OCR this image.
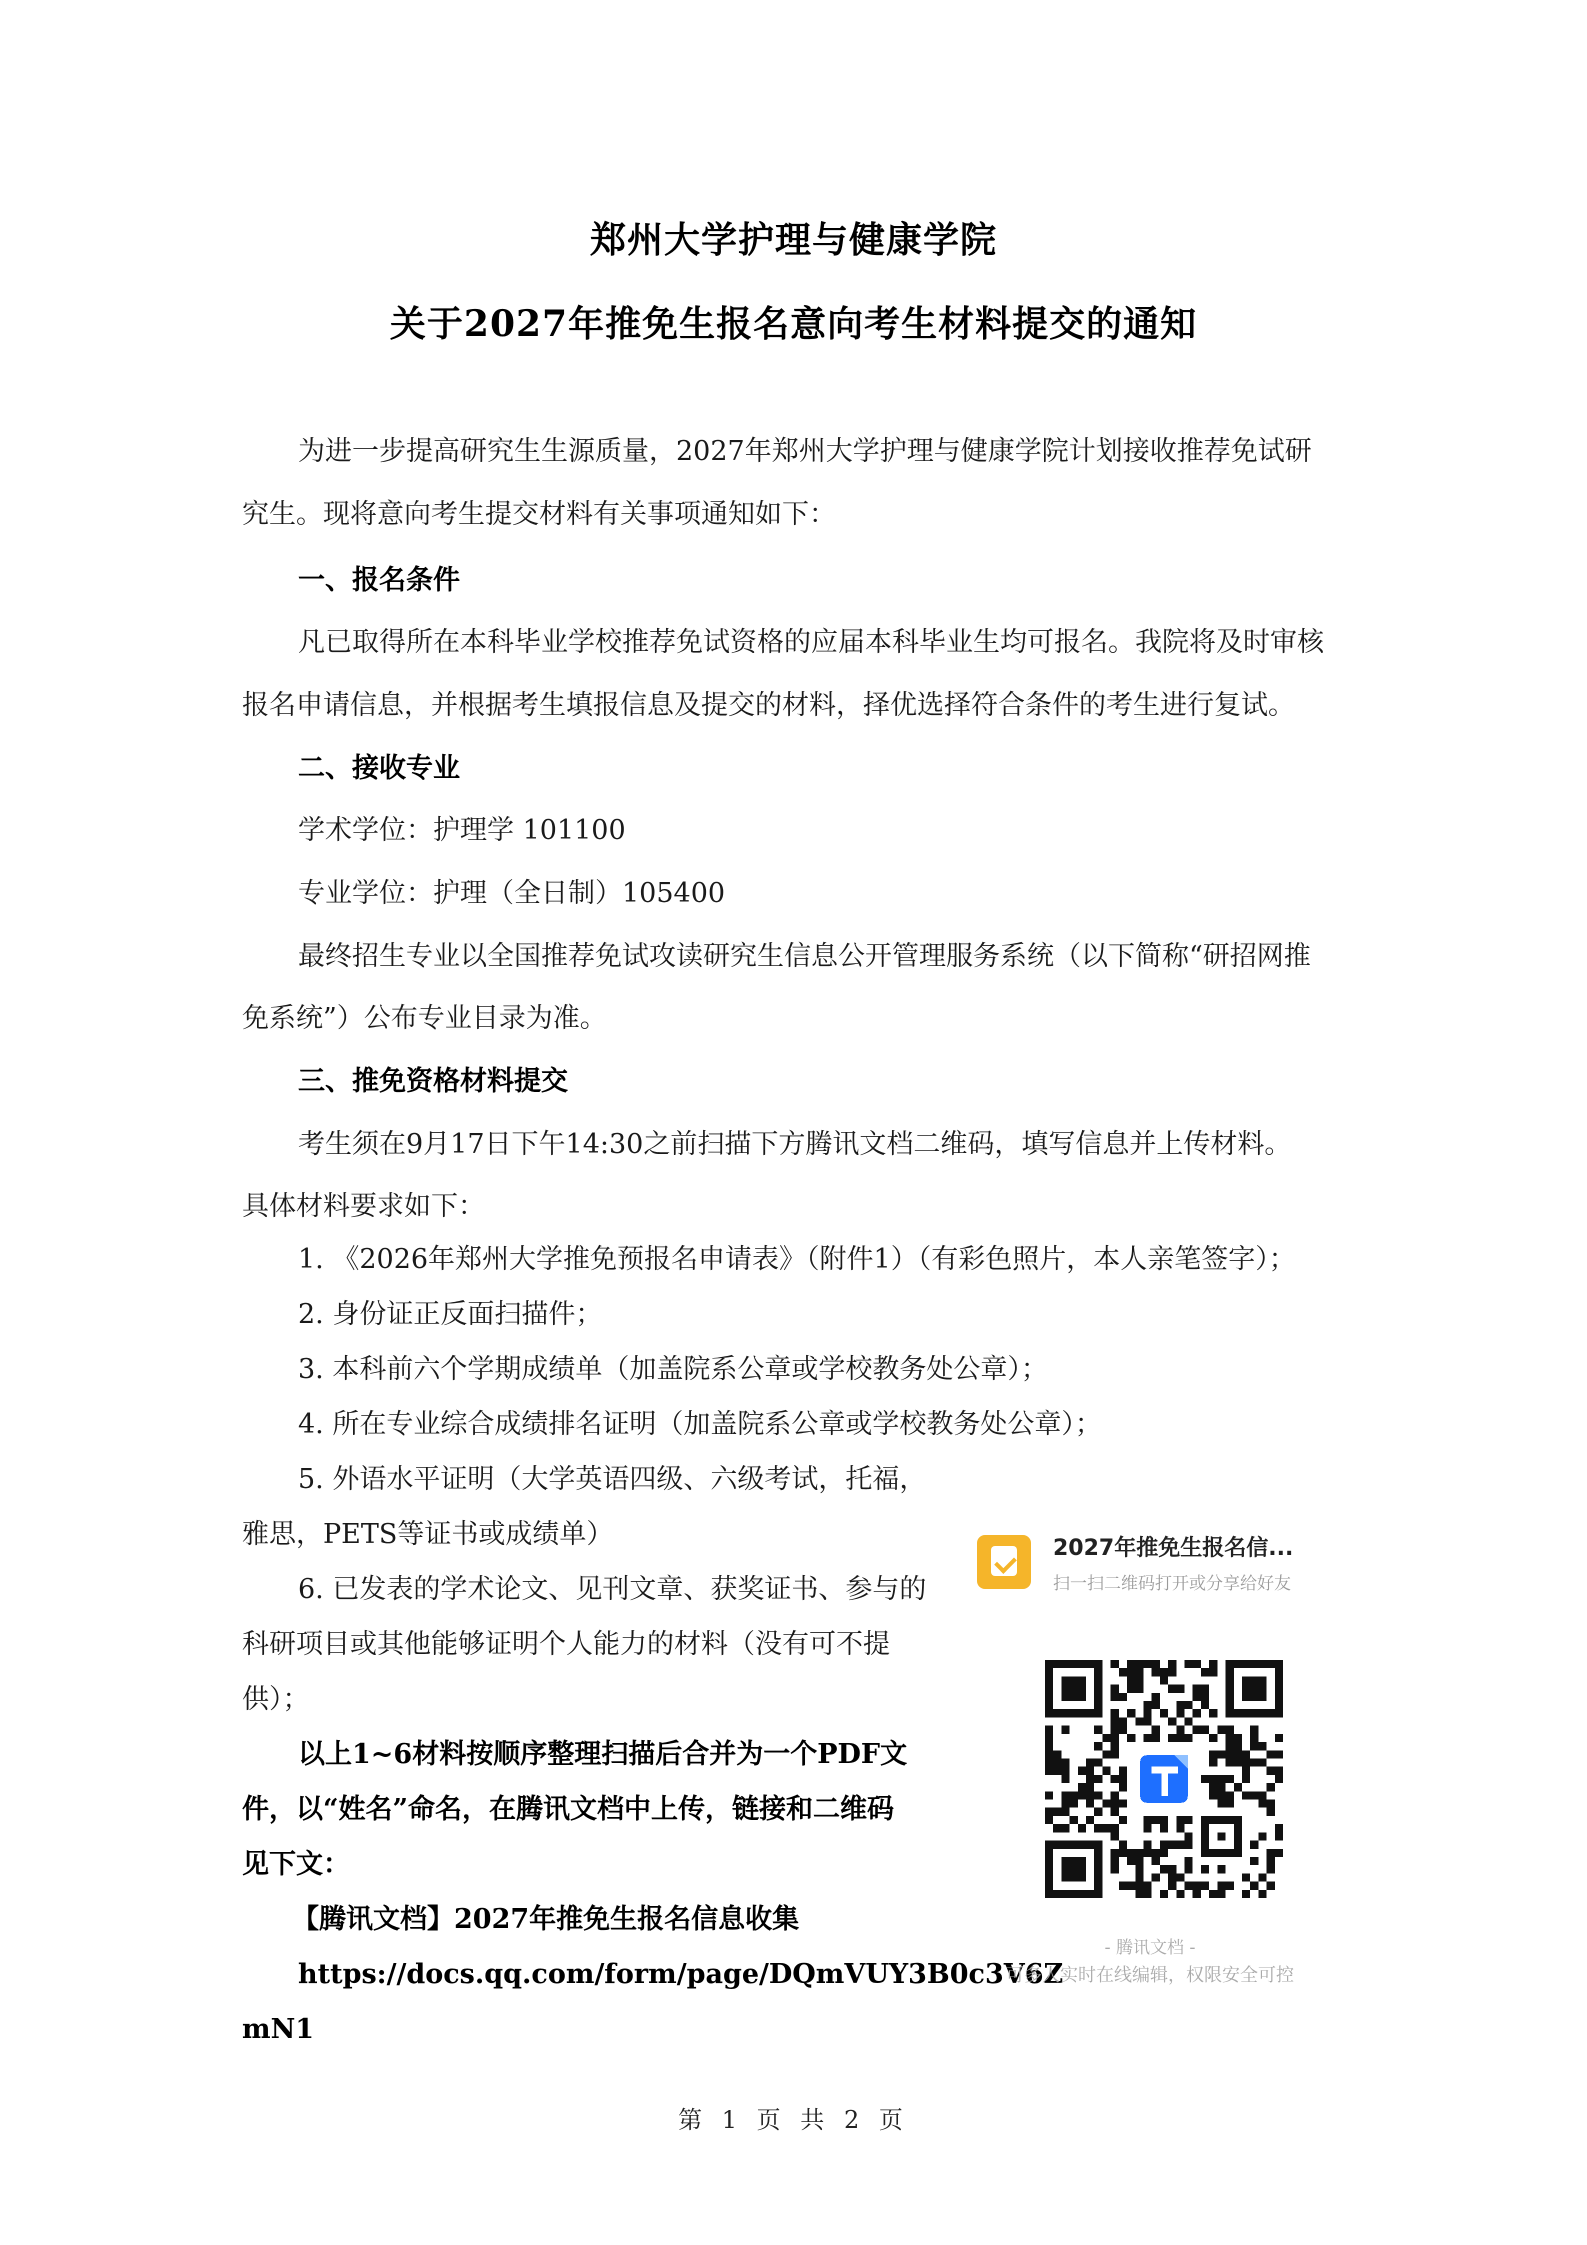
郑州大学护理与健康学院
关于2027年推免生报名意向考生材料提交的通知
为进一步提高研究生生源质量，2027年郑州大学护理与健康学院计划接收推荐免试研
究生。现将意向考生提交材料有关事项通知如下：
一、报名条件
凡已取得所在本科毕业学校推荐免试资格的应届本科毕业生均可报名。我院将及时审核
报名申请信息，并根据考生填报信息及提交的材料，择优选择符合条件的考生进行复试。
二、接收专业
学术学位：护理学 101100
专业学位：护理（全日制）105400
最终招生专业以全国推荐免试攻读研究生信息公开管理服务系统（以下简称“研招网推
免系统”）公布专业目录为准。
三、推免资格材料提交
考生须在9月17日下午14:30之前扫描下方腾讯文档二维码，填写信息并上传材料。
具体材料要求如下：
1. 《2026年郑州大学推免预报名申请表》（附件1）（有彩色照片，本人亲笔签字）；
2. 身份证正反面扫描件；
3. 本科前六个学期成绩单（加盖院系公章或学校教务处公章）；
4. 所在专业综合成绩排名证明（加盖院系公章或学校教务处公章）；
5. 外语水平证明（大学英语四级、六级考试，托福，
雅思，PETS等证书或成绩单）
6. 已发表的学术论文、见刊文章、获奖证书、参与的
科研项目或其他能够证明个人能力的材料（没有可不提
供）；
以上1~6材料按顺序整理扫描后合并为一个PDF文
件，以“姓名”命名，在腾讯文档中上传，链接和二维码
见下文：
【腾讯文档】2027年推免生报名信息收集
https://docs.qq.com/form/page/DQmVUY3B0c3V6Z
mN1
2027年推免生报名信...
扫一扫二维码打开或分享给好友
- 腾讯文档 -
可多人实时在线编辑，权限安全可控
第 1 页 共 2 页
